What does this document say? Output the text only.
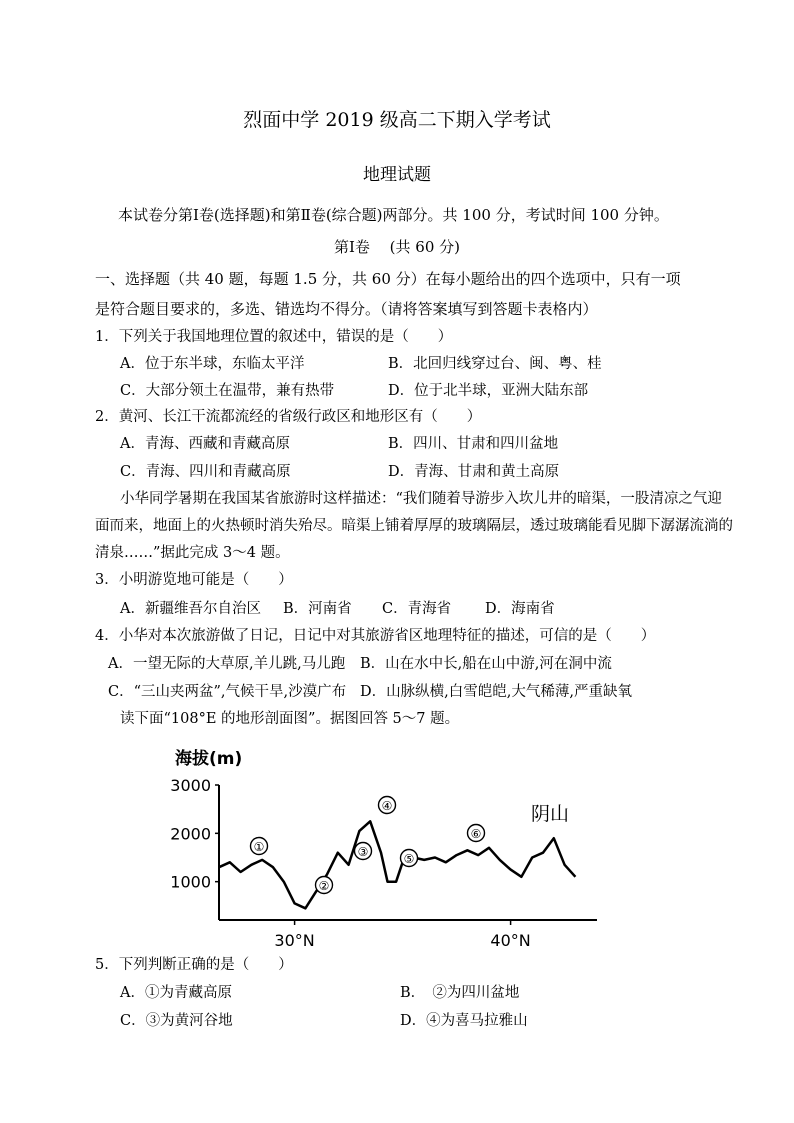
烈面中学 2019 级高二下期入学考试
地理试题
本试卷分第Ⅰ卷(选择题)和第Ⅱ卷(综合题)两部分。共 100 分，考试时间 100 分钟。
第Ⅰ卷　 (共 60 分)
一、选择题（共 40 题，每题 1.5 分，共 60 分）在每小题给出的四个选项中，只有一项
是符合题目要求的，多选、错选均不得分。（请将答案填写到答题卡表格内）
1．下列关于我国地理位置的叙述中，错误的是（　　）
A．位于东半球，东临太平洋	B．北回归线穿过台、闽、粤、桂
C．大部分领土在温带，兼有热带	D．位于北半球，亚洲大陆东部
2．黄河、长江干流都流经的省级行政区和地形区有（　　）
A．青海、西藏和青藏高原	B．四川、甘肃和四川盆地
C．青海、四川和青藏高原	D．青海、甘肃和黄土高原
小华同学暑期在我国某省旅游时这样描述：“我们随着导游步入坎儿井的暗渠，一股清凉之气迎
面而来，地面上的火热顿时消失殆尽。暗渠上铺着厚厚的玻璃隔层，透过玻璃能看见脚下潺潺流淌的
清泉……”据此完成 3～4 题。
3．小明游览地可能是（　　）
A．新疆维吾尔自治区 B．河南省 C．青海省 D．海南省
4．小华对本次旅游做了日记，日记中对其旅游省区地理特征的描述，可信的是（　　）
A．一望无际的大草原,羊儿跳,马儿跑 B．山在水中长,船在山中游,河在洞中流
C．“三山夹两盆”,气候干旱,沙漠广布 D．山脉纵横,白雪皑皑,大气稀薄,严重缺氧
读下面“108°E 的地形剖面图”。据图回答 5～7 题。
海拔(m)
1000
2000
3000
30°N	40°N
①
②
③
④
⑤
⑥
阴山
5．下列判断正确的是（　　）
A．①为青藏高原	B．　②为四川盆地
C．③为黄河谷地	D．④为喜马拉雅山
